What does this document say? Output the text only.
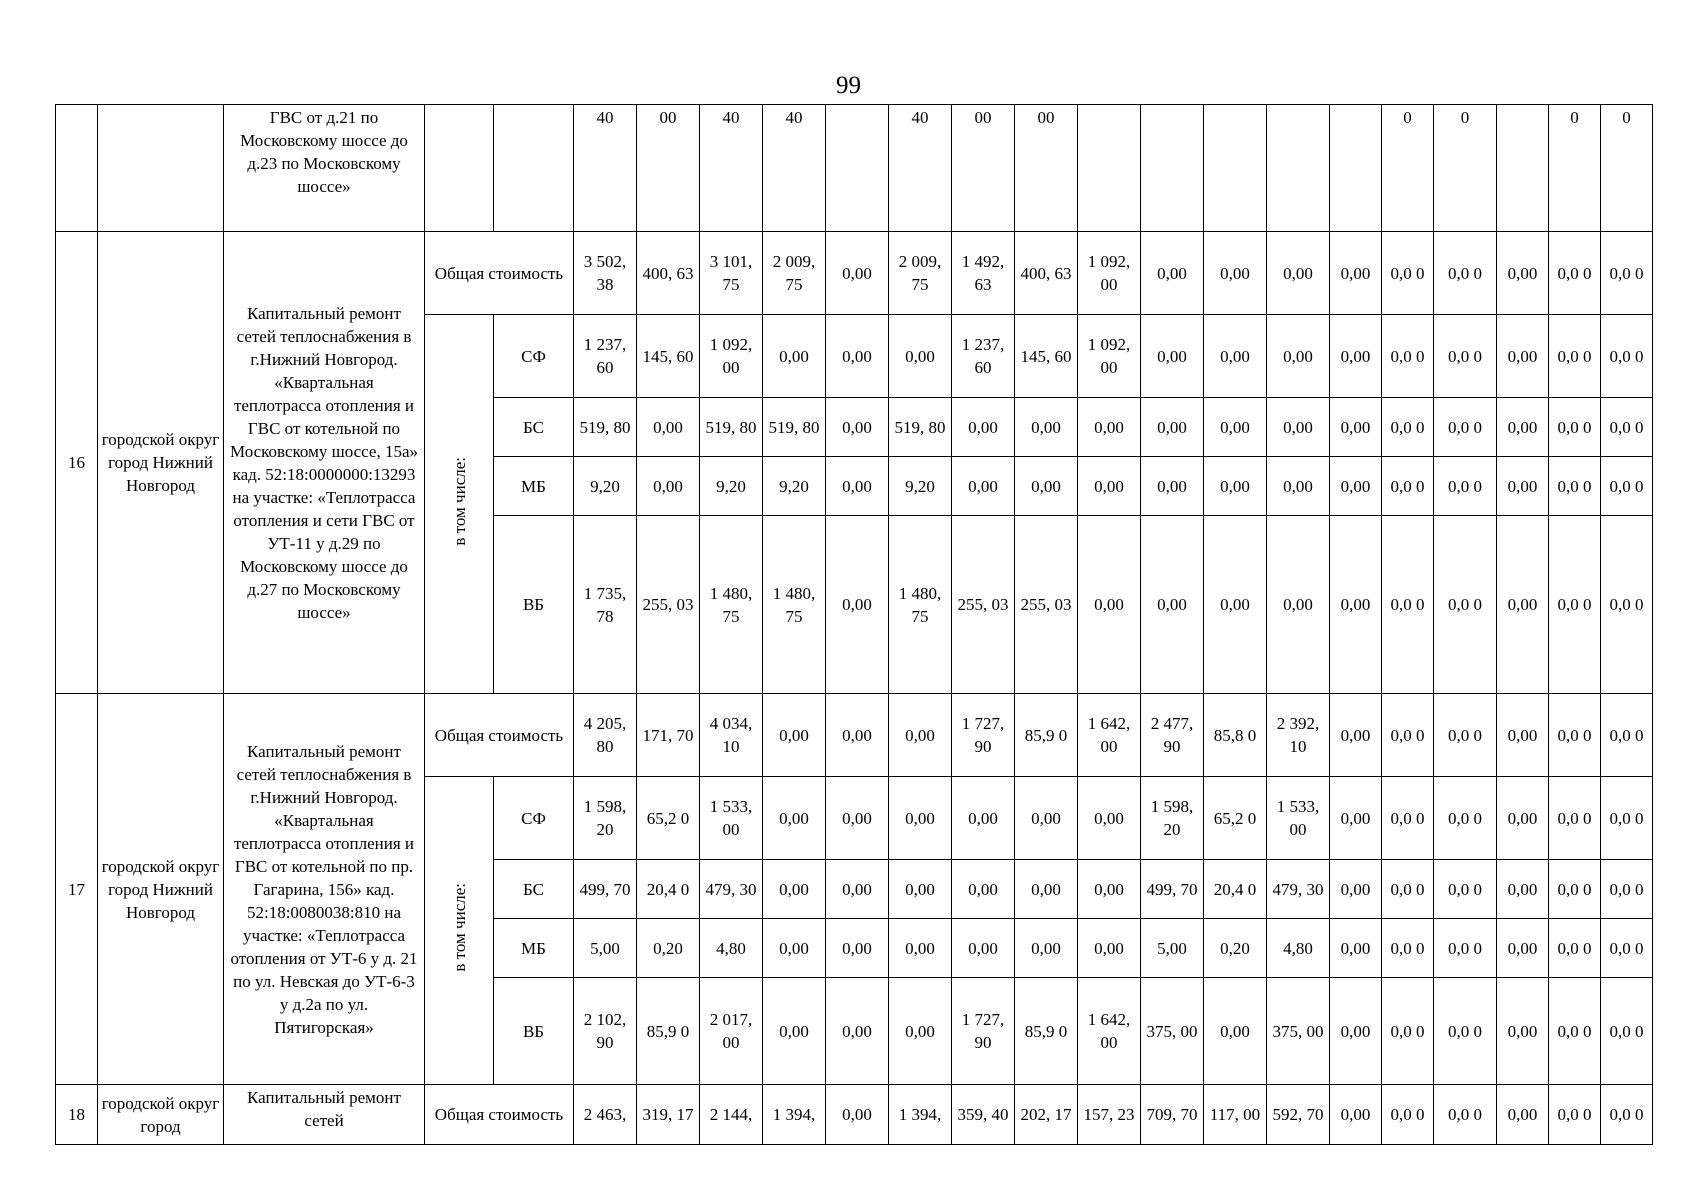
99
		ГВС от д.21 по Московскому шоссе до д.23 по Московскому шоссе»			40	00	40	40		40	00	00						0	0		0	0
16	городской округ город Нижний Новгород	Капитальный ремонт сетей теплоснабжения в г.Нижний Новгород. «Квартальная теплотрасса отопления и ГВС от котельной по Московскому шоссе, 15а» кад. 52:18:0000000:13293 на участке: «Теплотрасса отопления и сети ГВС от УТ-11 у д.29 по Московскому шоссе до д.27 по Московскому шоссе»	Общая стоимость		3 502, 38	400, 63	3 101, 75	2 009, 75	0,00	2 009, 75	1 492, 63	400, 63	1 092, 00	0,00	0,00	0,00	0,00	0,0 0	0,0 0	0,00	0,0 0	0,0 0
			в том числе:	СФ	1 237, 60	145, 60	1 092, 00	0,00	0,00	0,00	1 237, 60	145, 60	1 092, 00	0,00	0,00	0,00	0,00	0,0 0	0,0 0	0,00	0,0 0	0,0 0
				БС	519, 80	0,00	519, 80	519, 80	0,00	519, 80	0,00	0,00	0,00	0,00	0,00	0,00	0,00	0,0 0	0,0 0	0,00	0,0 0	0,0 0
				МБ	9,20	0,00	9,20	9,20	0,00	9,20	0,00	0,00	0,00	0,00	0,00	0,00	0,00	0,0 0	0,0 0	0,00	0,0 0	0,0 0
				ВБ	1 735, 78	255, 03	1 480, 75	1 480, 75	0,00	1 480, 75	255, 03	255, 03	0,00	0,00	0,00	0,00	0,00	0,0 0	0,0 0	0,00	0,0 0	0,0 0
17	городской округ город Нижний Новгород	Капитальный ремонт сетей теплоснабжения в г.Нижний Новгород. «Квартальная теплотрасса отопления и ГВС от котельной по пр. Гагарина, 156» кад. 52:18:0080038:810 на участке: «Теплотрасса отопления от УТ-6 у д. 21 по ул. Невская до УТ-6-3 у д.2а по ул. Пятигорская»	Общая стоимость		4 205, 80	171, 70	4 034, 10	0,00	0,00	0,00	1 727, 90	85,9 0	1 642, 00	2 477, 90	85,8 0	2 392, 10	0,00	0,0 0	0,0 0	0,00	0,0 0	0,0 0
			в том числе:	СФ	1 598, 20	65,2 0	1 533, 00	0,00	0,00	0,00	0,00	0,00	0,00	1 598, 20	65,2 0	1 533, 00	0,00	0,0 0	0,0 0	0,00	0,0 0	0,0 0
				БС	499, 70	20,4 0	479, 30	0,00	0,00	0,00	0,00	0,00	0,00	499, 70	20,4 0	479, 30	0,00	0,0 0	0,0 0	0,00	0,0 0	0,0 0
				МБ	5,00	0,20	4,80	0,00	0,00	0,00	0,00	0,00	0,00	5,00	0,20	4,80	0,00	0,0 0	0,0 0	0,00	0,0 0	0,0 0
				ВБ	2 102, 90	85,9 0	2 017, 00	0,00	0,00	0,00	1 727, 90	85,9 0	1 642, 00	375, 00	0,00	375, 00	0,00	0,0 0	0,0 0	0,00	0,0 0	0,0 0
18	городской округ город	Капитальный ремонт сетей	Общая стоимость		2 463,	319, 17	2 144,	1 394,	0,00	1 394,	359, 40	202, 17	157, 23	709, 70	117, 00	592, 70	0,00	0,0 0	0,0 0	0,00	0,0 0	0,0 0
